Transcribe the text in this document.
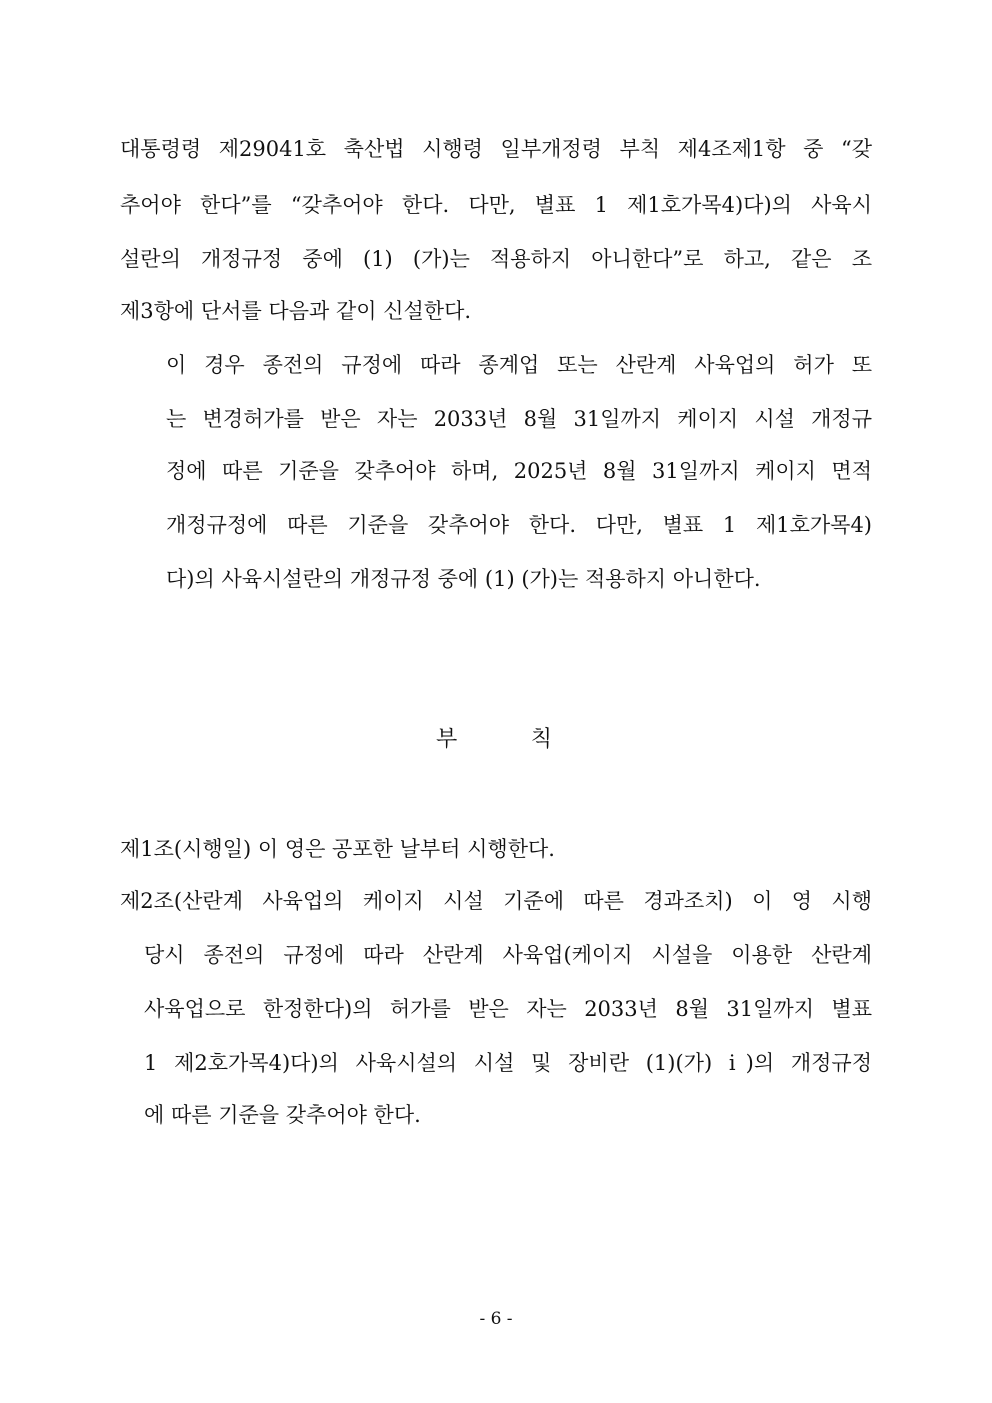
대통령령 제29041호 축산법 시행령 일부개정령 부칙 제4조제1항 중 “갖
추어야 한다”를 “갖추어야 한다. 다만, 별표 1 제1호가목4)다)의 사육시
설란의 개정규정 중에 (1) (가)는 적용하지 아니한다”로 하고, 같은 조
제3항에 단서를 다음과 같이 신설한다.
이 경우 종전의 규정에 따라 종계업 또는 산란계 사육업의 허가 또
는 변경허가를 받은 자는 2033년 8월 31일까지 케이지 시설 개정규
정에 따른 기준을 갖추어야 하며, 2025년 8월 31일까지 케이지 면적
개정규정에 따른 기준을 갖추어야 한다. 다만, 별표 1 제1호가목4)
다)의 사육시설란의 개정규정 중에 (1) (가)는 적용하지 아니한다.
부 칙
제1조(시행일) 이 영은 공포한 날부터 시행한다.
제2조(산란계 사육업의 케이지 시설 기준에 따른 경과조치) 이 영 시행
당시 종전의 규정에 따라 산란계 사육업(케이지 시설을 이용한 산란계
사육업으로 한정한다)의 허가를 받은 자는 2033년 8월 31일까지 별표
1 제2호가목4)다)의 사육시설의 시설 및 장비란 (1)(가) ⅰ)의 개정규정
에 따른 기준을 갖추어야 한다.
- 6 -
